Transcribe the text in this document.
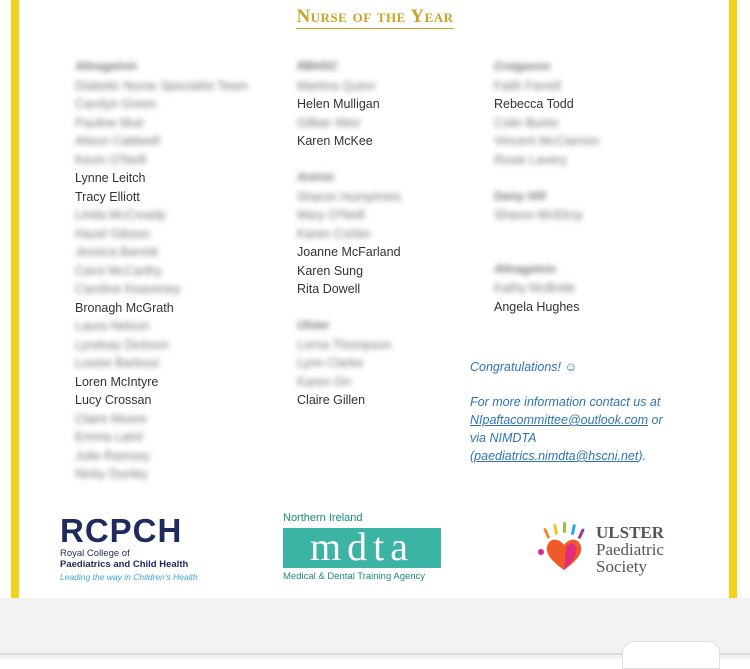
Nurse of the Year
Altnagelvin
Diabetic Nurse Specialist Team
Carolyn Green
Pauline Muir
Alison Caldwell
Kevin O'Neill
Lynne Leitch
Tracy Elliott
Linda McCready
Hazel Gibson
Jessica Barrett
Carol McCarthy
Caroline Keaveney
Bronagh McGrath
Laura Nelson
Lyndsay Dickson
Louise Barbour
Loren McIntyre
Lucy Crossan
Claire Moore
Emma Laird
Julie Ramsey
Nicky Dunley
RBHSC
Martina Quinn
Helen Mulligan
Gillian Weir
Karen McKee
Antrim
Sharon Humphries
Mary O'Neill
Karen Corbin
Joanne McFarland
Karen Sung
Rita Dowell
Ulster
Lorna Thompson
Lynn Clarke
Karen Orr
Claire Gillen
Craigavon
Faith Farrell
Rebecca Todd
Colin Burke
Vincent McCiarnon
Rosie Lavery
Daisy Hill
Sharon McElroy
Altnagelvin
Kathy McBride
Angela Hughes
Congratulations! ☺
For more information contact us at
NIpaftacommittee@outlook.com or
via NIMDTA
(paediatrics.nimdta@hscni.net).
RCPCH
Royal College of
Paediatrics and Child Health
Leading the way in Children's Health
Northern Ireland
mdta
Medical & Dental Training Agency
ULSTER
Paediatric
Society
